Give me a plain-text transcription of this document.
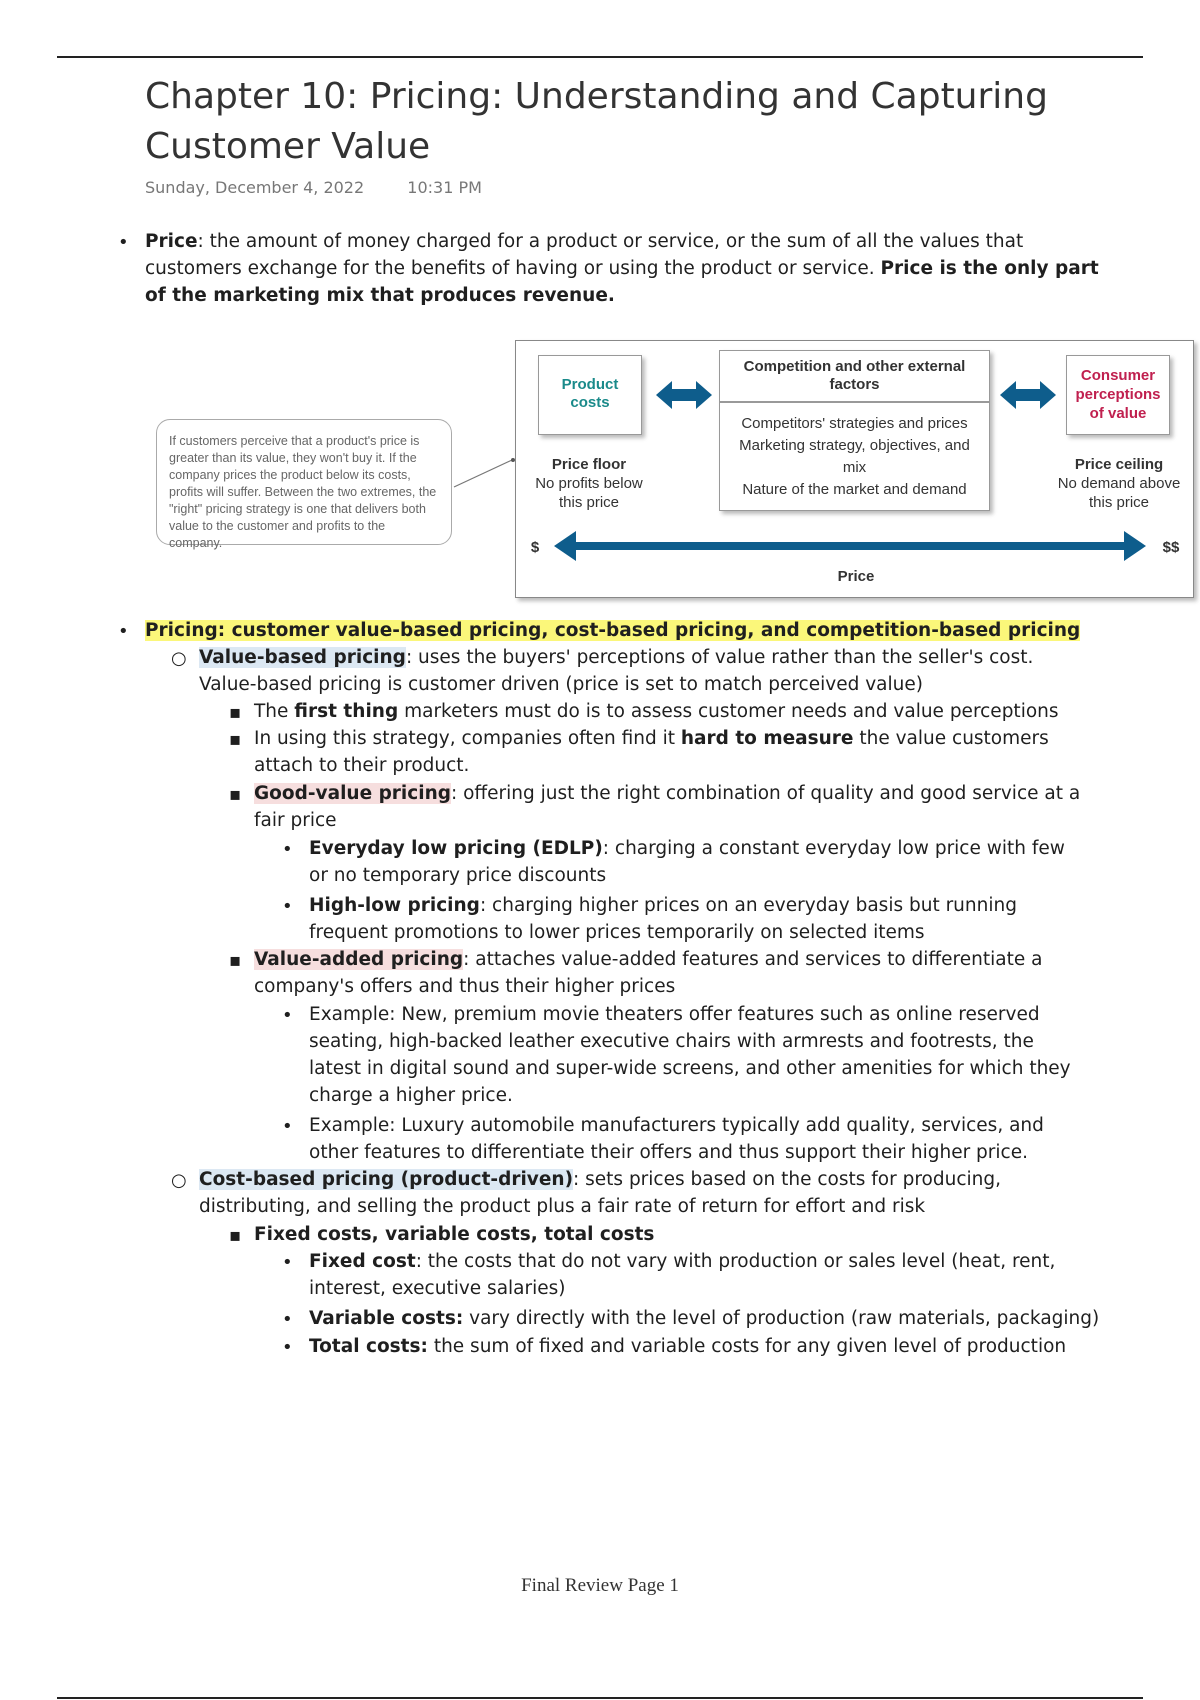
Chapter 10: Pricing: Understanding and Capturing Customer Value
Sunday, December 4, 2022	10:31 PM
• Price: the amount of money charged for a product or service, or the sum of all the values that customers exchange for the benefits of having or using the product or service. Price is the only part of the marketing mix that produces revenue.
If customers perceive that a product's price is greater than its value, they won't buy it. If the company prices the product below its costs, profits will suffer. Between the two extremes, the "right" pricing strategy is one that delivers both value to the customer and profits to the company.
Product costs
Competition and other external factors
Competitors' strategies and prices
Marketing strategy, objectives, and mix
Nature of the market and demand
Consumer perceptions of value
Price floor
No profits below this price
Price ceiling
No demand above this price
$	$$
Price
• Pricing: customer value-based pricing, cost-based pricing, and competition-based pricing
○ Value-based pricing: uses the buyers' perceptions of value rather than the seller's cost. Value-based pricing is customer driven (price is set to match perceived value)
▪ The first thing marketers must do is to assess customer needs and value perceptions
▪ In using this strategy, companies often find it hard to measure the value customers attach to their product.
▪ Good-value pricing: offering just the right combination of quality and good service at a fair price
• Everyday low pricing (EDLP): charging a constant everyday low price with few or no temporary price discounts
• High-low pricing: charging higher prices on an everyday basis but running frequent promotions to lower prices temporarily on selected items
▪ Value-added pricing: attaches value-added features and services to differentiate a company's offers and thus their higher prices
• Example: New, premium movie theaters offer features such as online reserved seating, high-backed leather executive chairs with armrests and footrests, the latest in digital sound and super-wide screens, and other amenities for which they charge a higher price.
• Example: Luxury automobile manufacturers typically add quality, services, and other features to differentiate their offers and thus support their higher price.
○ Cost-based pricing (product-driven): sets prices based on the costs for producing, distributing, and selling the product plus a fair rate of return for effort and risk
▪ Fixed costs, variable costs, total costs
• Fixed cost: the costs that do not vary with production or sales level (heat, rent, interest, executive salaries)
• Variable costs: vary directly with the level of production (raw materials, packaging)
• Total costs: the sum of fixed and variable costs for any given level of production
Final Review Page 1
